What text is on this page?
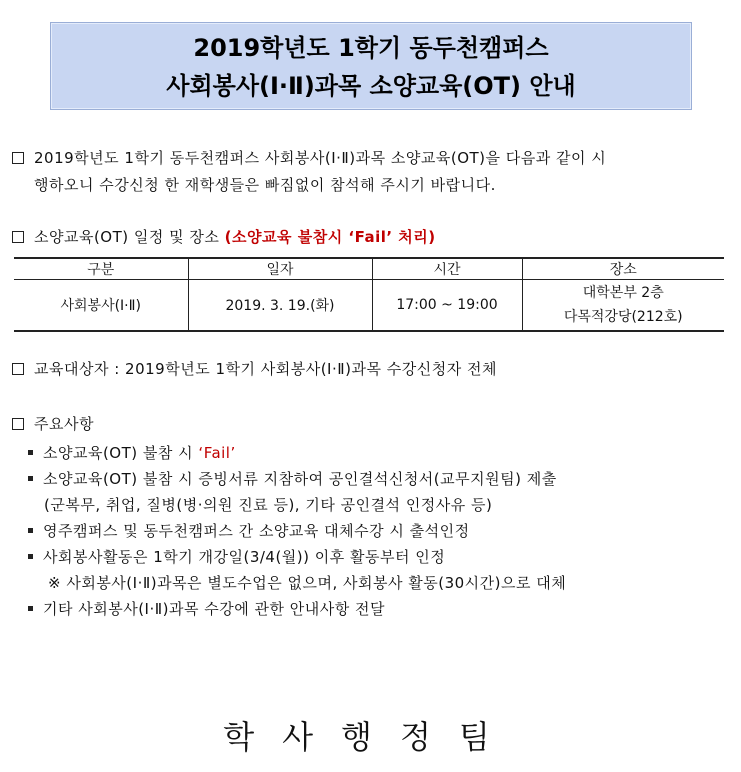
2019학년도 1학기 동두천캠퍼스
사회봉사(Ⅰ·Ⅱ)과목 소양교육(OT) 안내
2019학년도 1학기 동두천캠퍼스 사회봉사(Ⅰ·Ⅱ)과목 소양교육(OT)을 다음과 같이 시
행하오니 수강신청 한 재학생들은 빠짐없이 참석해 주시기 바랍니다.
소양교육(OT) 일정 및 장소 (소양교육 불참시 ‘Fail’ 처리)
구분	일자	시간	장소
사회봉사(Ⅰ·Ⅱ)	2019. 3. 19.(화)	17:00 ~ 19:00	대학본부 2층
다목적강당(212호)
교육대상자 : 2019학년도 1학기 사회봉사(Ⅰ·Ⅱ)과목 수강신청자 전체
주요사항
소양교육(OT) 불참 시 ‘Fail’
소양교육(OT) 불참 시 증빙서류 지참하여 공인결석신청서(교무지원팀) 제출
(군복무, 취업, 질병(병·의원 진료 등), 기타 공인결석 인정사유 등)
영주캠퍼스 및 동두천캠퍼스 간 소양교육 대체수강 시 출석인정
사회봉사활동은 1학기 개강일(3/4(월)) 이후 활동부터 인정
※ 사회봉사(Ⅰ·Ⅱ)과목은 별도수업은 없으며, 사회봉사 활동(30시간)으로 대체
기타 사회봉사(Ⅰ·Ⅱ)과목 수강에 관한 안내사항 전달
학사행정팀
